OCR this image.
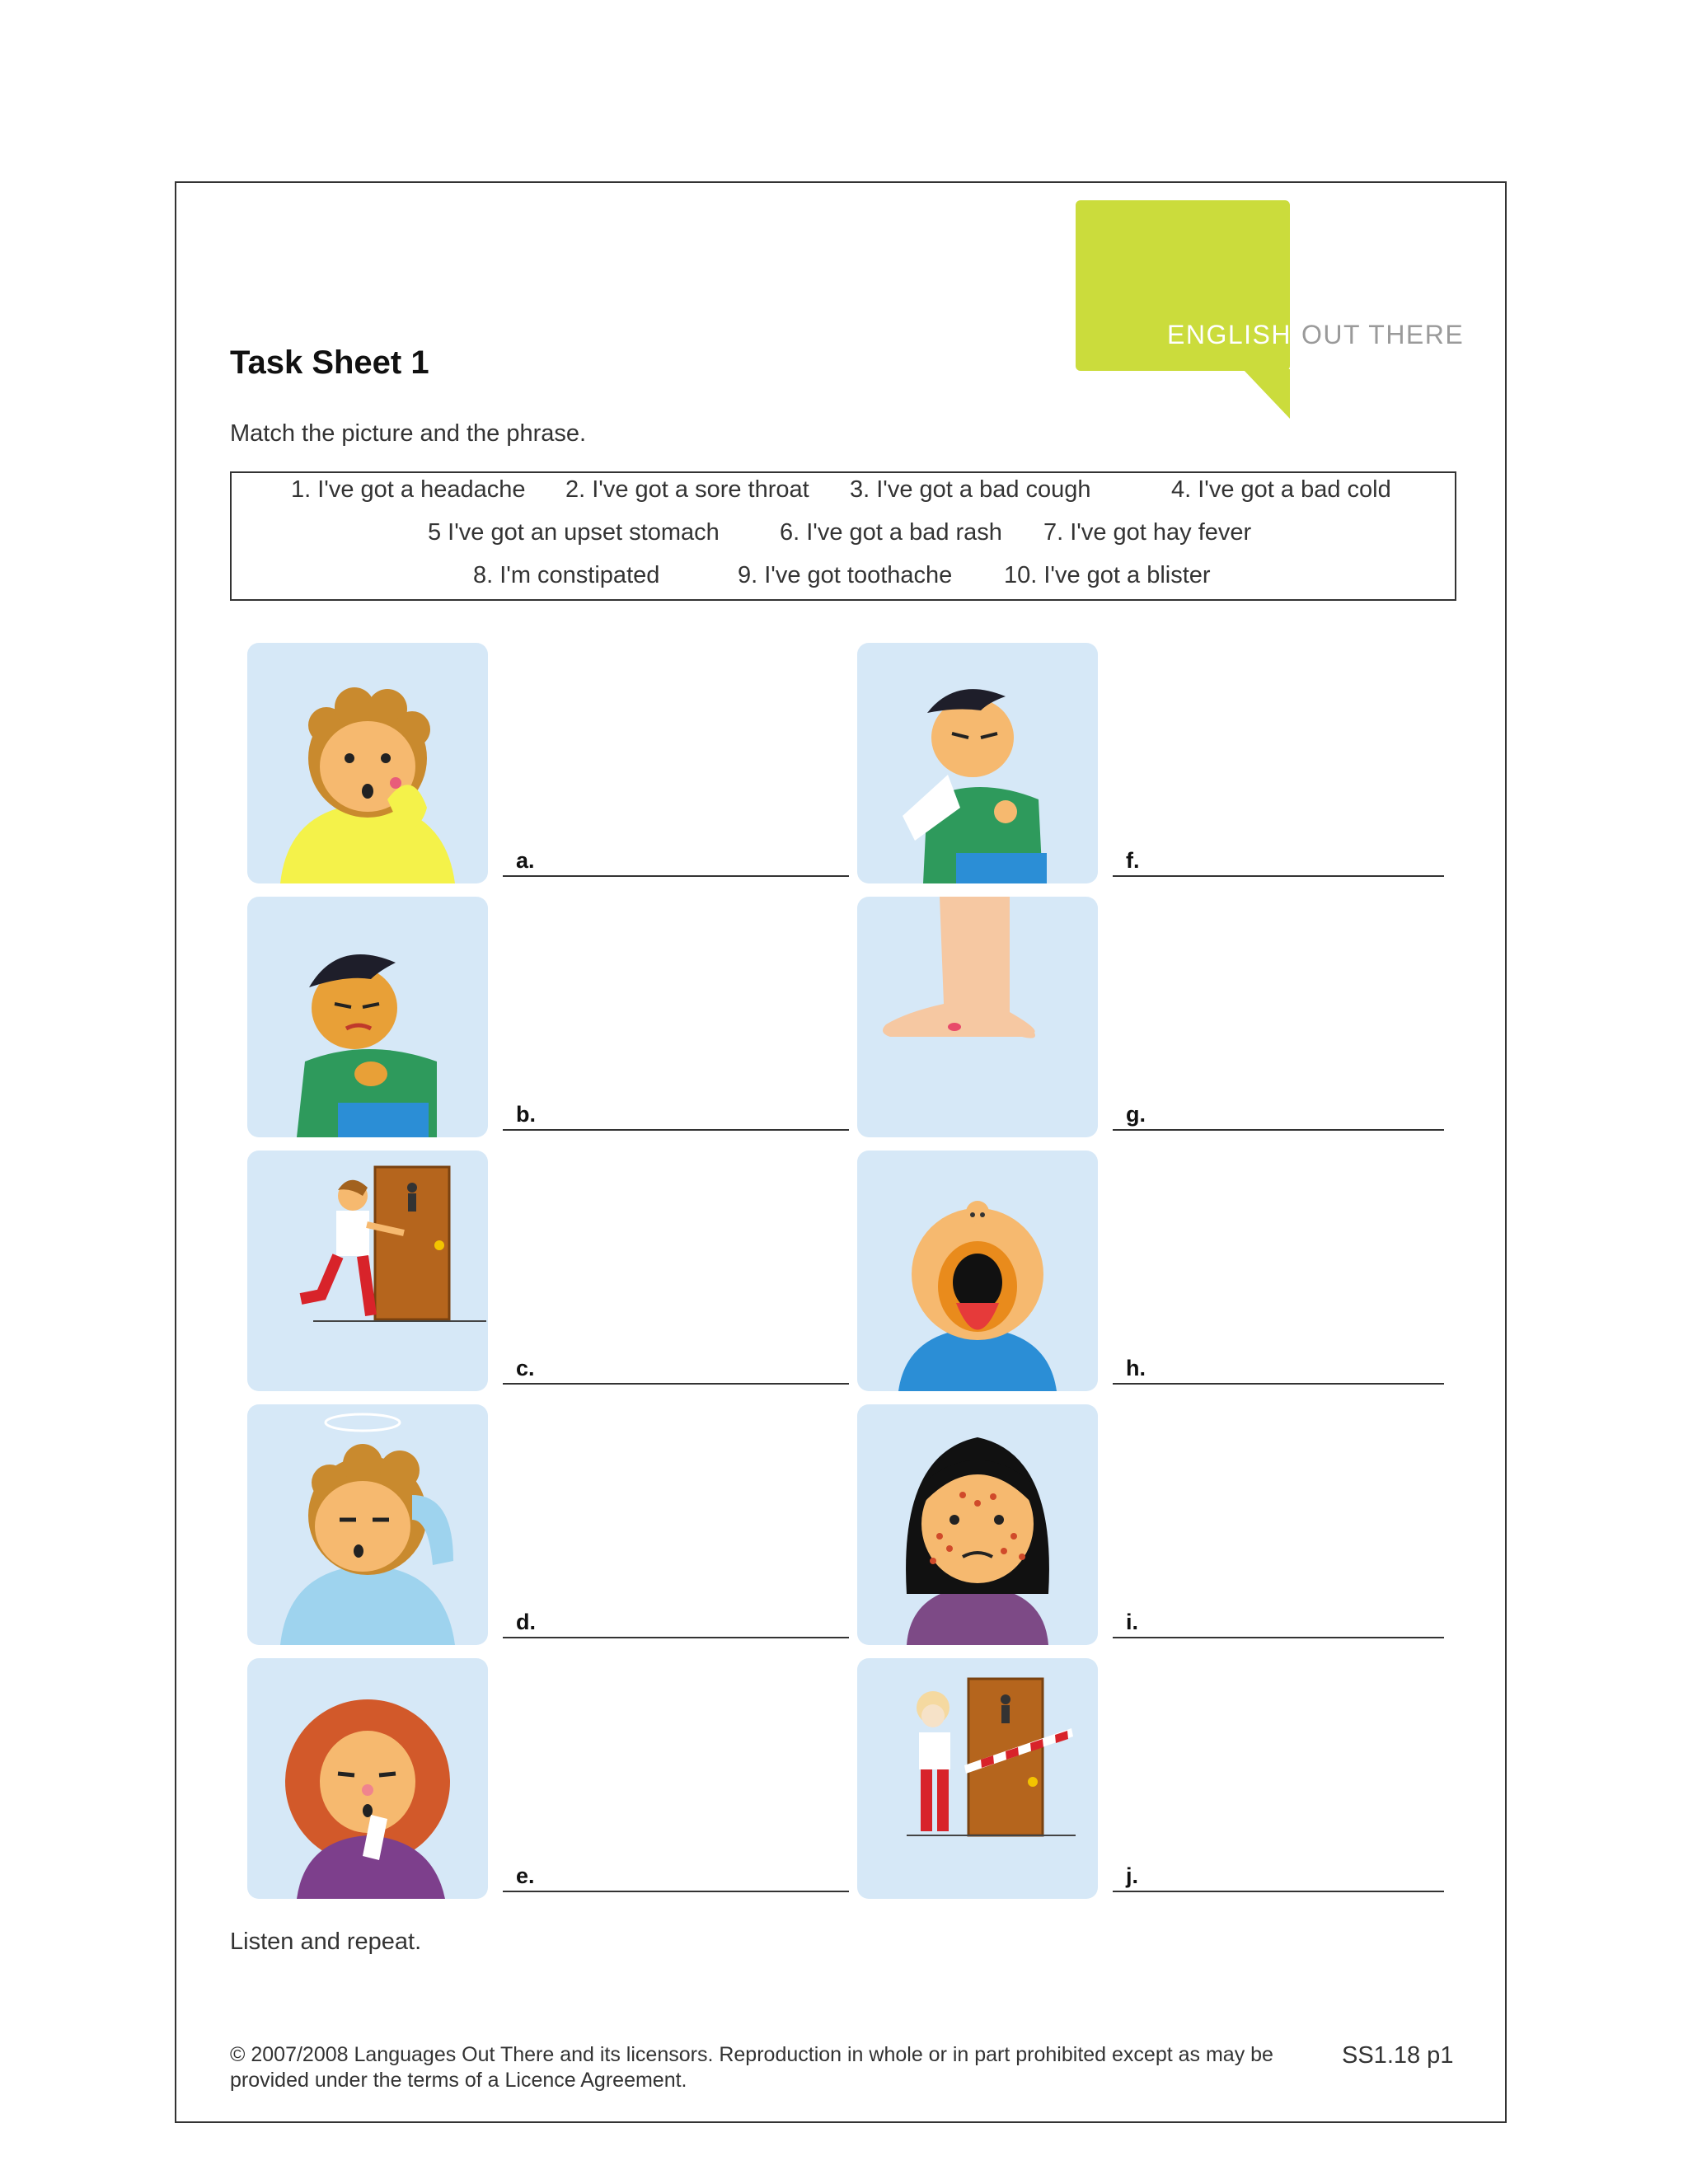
ENGLISH OUT THERE
Task Sheet 1
Match the picture and the phrase.
1. I've got a headache 2. I've got a sore throat 3. I've got a bad cough	4. I've got a bad cold
5 I've got an upset stomach	6. I've got a bad rash 7. I've got hay fever
8. I'm constipated	9. I've got toothache 10. I've got a blister
a.
b.
c.
d.
e.
f.
g.
h.
i.
j.
Listen and repeat.
© 2007/2008 Languages Out There and its licensors. Reproduction in whole or in part prohibited except as may be provided under the terms of a Licence Agreement.
SS1.18 p1
